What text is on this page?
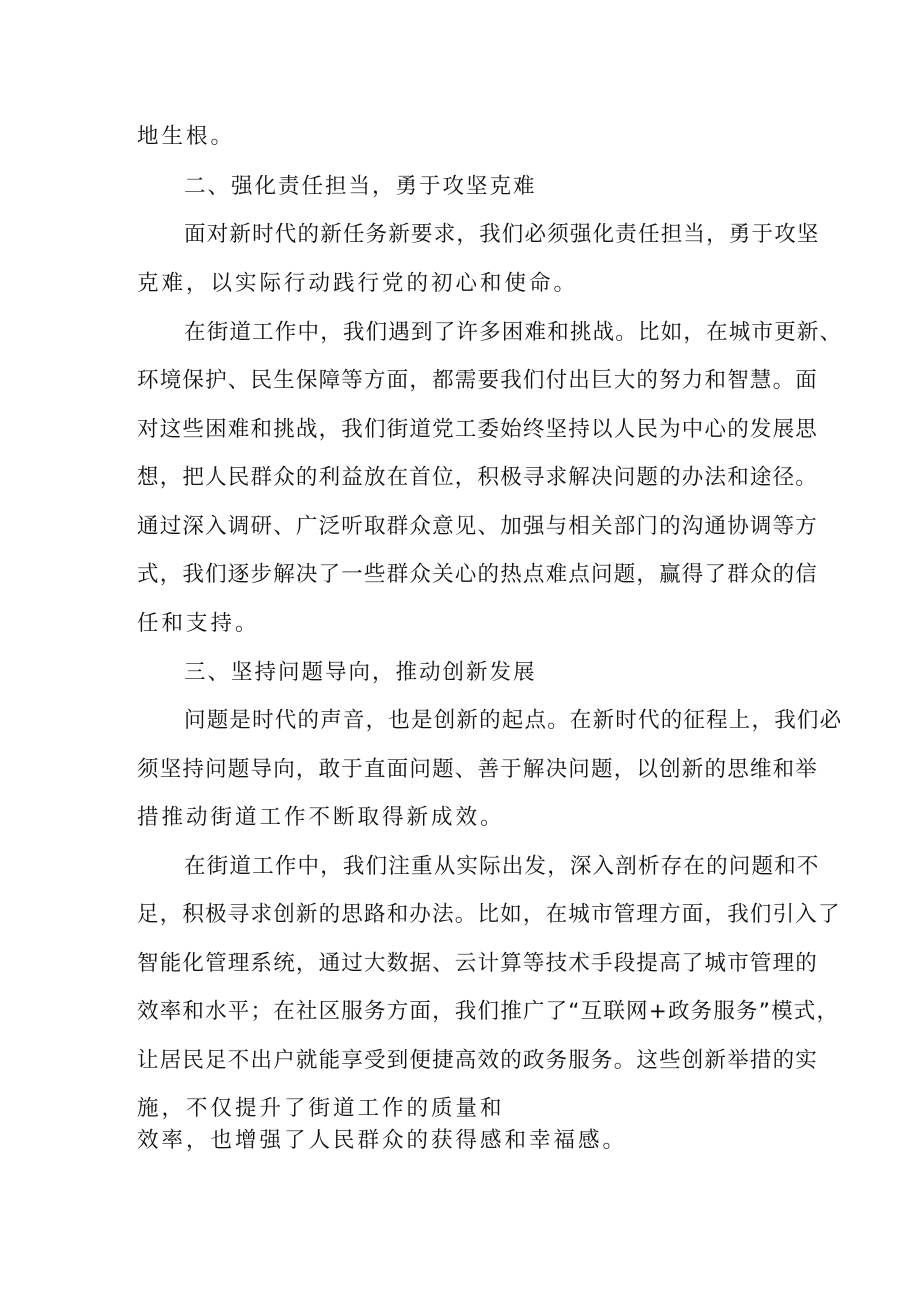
地生根。

二、强化责任担当，勇于攻坚克难

面对新时代的新任务新要求，我们必须强化责任担当，勇于攻坚

克难，以实际行动践行党的初心和使命。

在街道工作中，我们遇到了许多困难和挑战。比如，在城市更新、

环境保护、民生保障等方面，都需要我们付出巨大的努力和智慧。面

对这些困难和挑战，我们街道党工委始终坚持以人民为中心的发展思

想，把人民群众的利益放在首位，积极寻求解决问题的办法和途径。

通过深入调研、广泛听取群众意见、加强与相关部门的沟通协调等方

式，我们逐步解决了一些群众关心的热点难点问题，赢得了群众的信

任和支持。

三、坚持问题导向，推动创新发展

问题是时代的声音，也是创新的起点。在新时代的征程上，我们必

须坚持问题导向，敢于直面问题、善于解决问题，以创新的思维和举

措推动街道工作不断取得新成效。

在街道工作中，我们注重从实际出发，深入剖析存在的问题和不

足，积极寻求创新的思路和办法。比如，在城市管理方面，我们引入了

智能化管理系统，通过大数据、云计算等技术手段提高了城市管理的

效率和水平；在社区服务方面，我们推广了“互联网+政务服务”模式，

让居民足不出户就能享受到便捷高效的政务服务。这些创新举措的实

施，不仅提升了街道工作的质量和

效率，也增强了人民群众的获得感和幸福感。
